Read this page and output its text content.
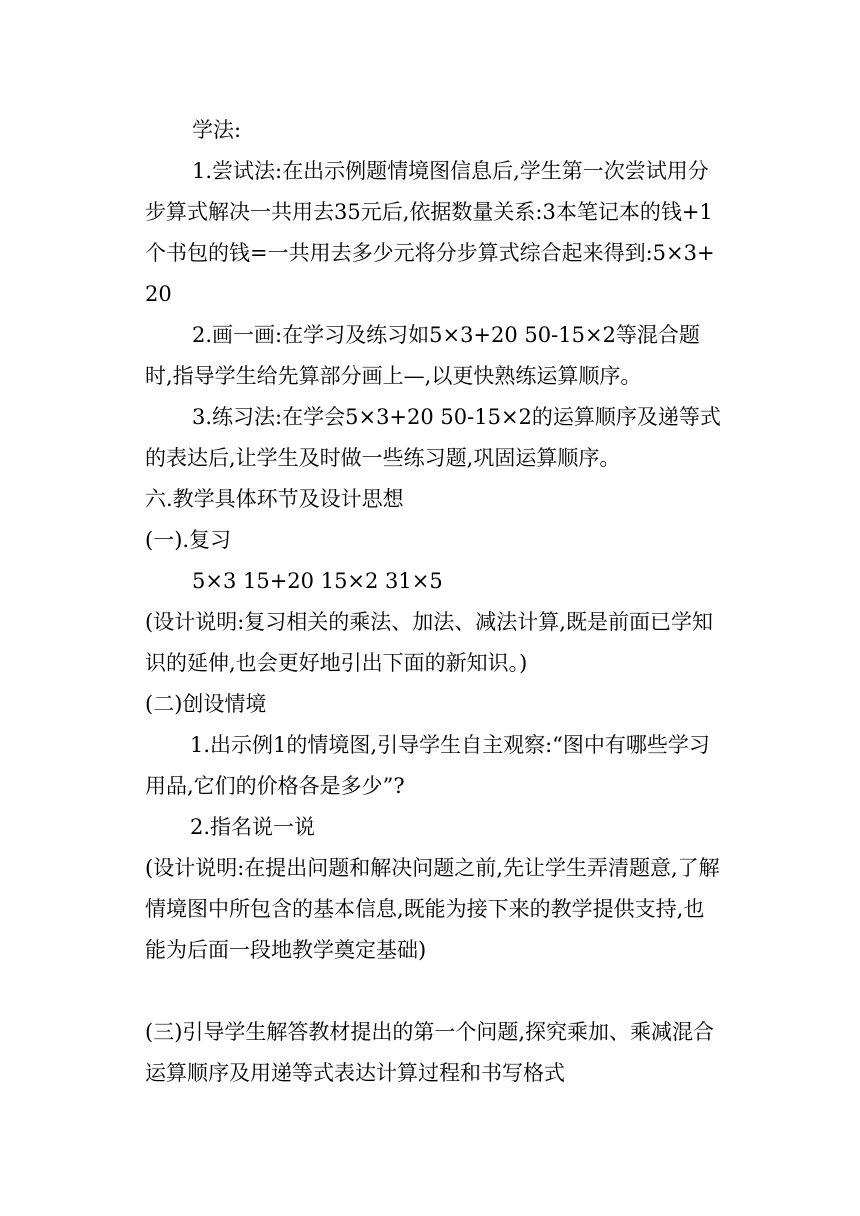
学法:

1.尝试法:在出示例题情境图信息后,学生第一次尝试用分步算式解决一共用去35元后,依据数量关系:3本笔记本的钱+1个书包的钱=一共用去多少元将分步算式综合起来得到:5×3+20

2.画一画:在学习及练习如5×3+20 50-15×2等混合题时,指导学生给先算部分画上—,以更快熟练运算顺序。

3.练习法:在学会5×3+20 50-15×2的运算顺序及递等式的表达后,让学生及时做一些练习题,巩固运算顺序。

六.教学具体环节及设计思想

(一).复习

5×3 15+20 15×2 31×5

(设计说明:复习相关的乘法、加法、减法计算,既是前面已学知识的延伸,也会更好地引出下面的新知识。)

(二)创设情境

1.出示例1的情境图,引导学生自主观察:“图中有哪些学习用品,它们的价格各是多少”?

2.指名说一说

(设计说明:在提出问题和解决问题之前,先让学生弄清题意,了解情境图中所包含的基本信息,既能为接下来的教学提供支持,也能为后面一段地教学奠定基础)

(三)引导学生解答教材提出的第一个问题,探究乘加、乘减混合运算顺序及用递等式表达计算过程和书写格式
